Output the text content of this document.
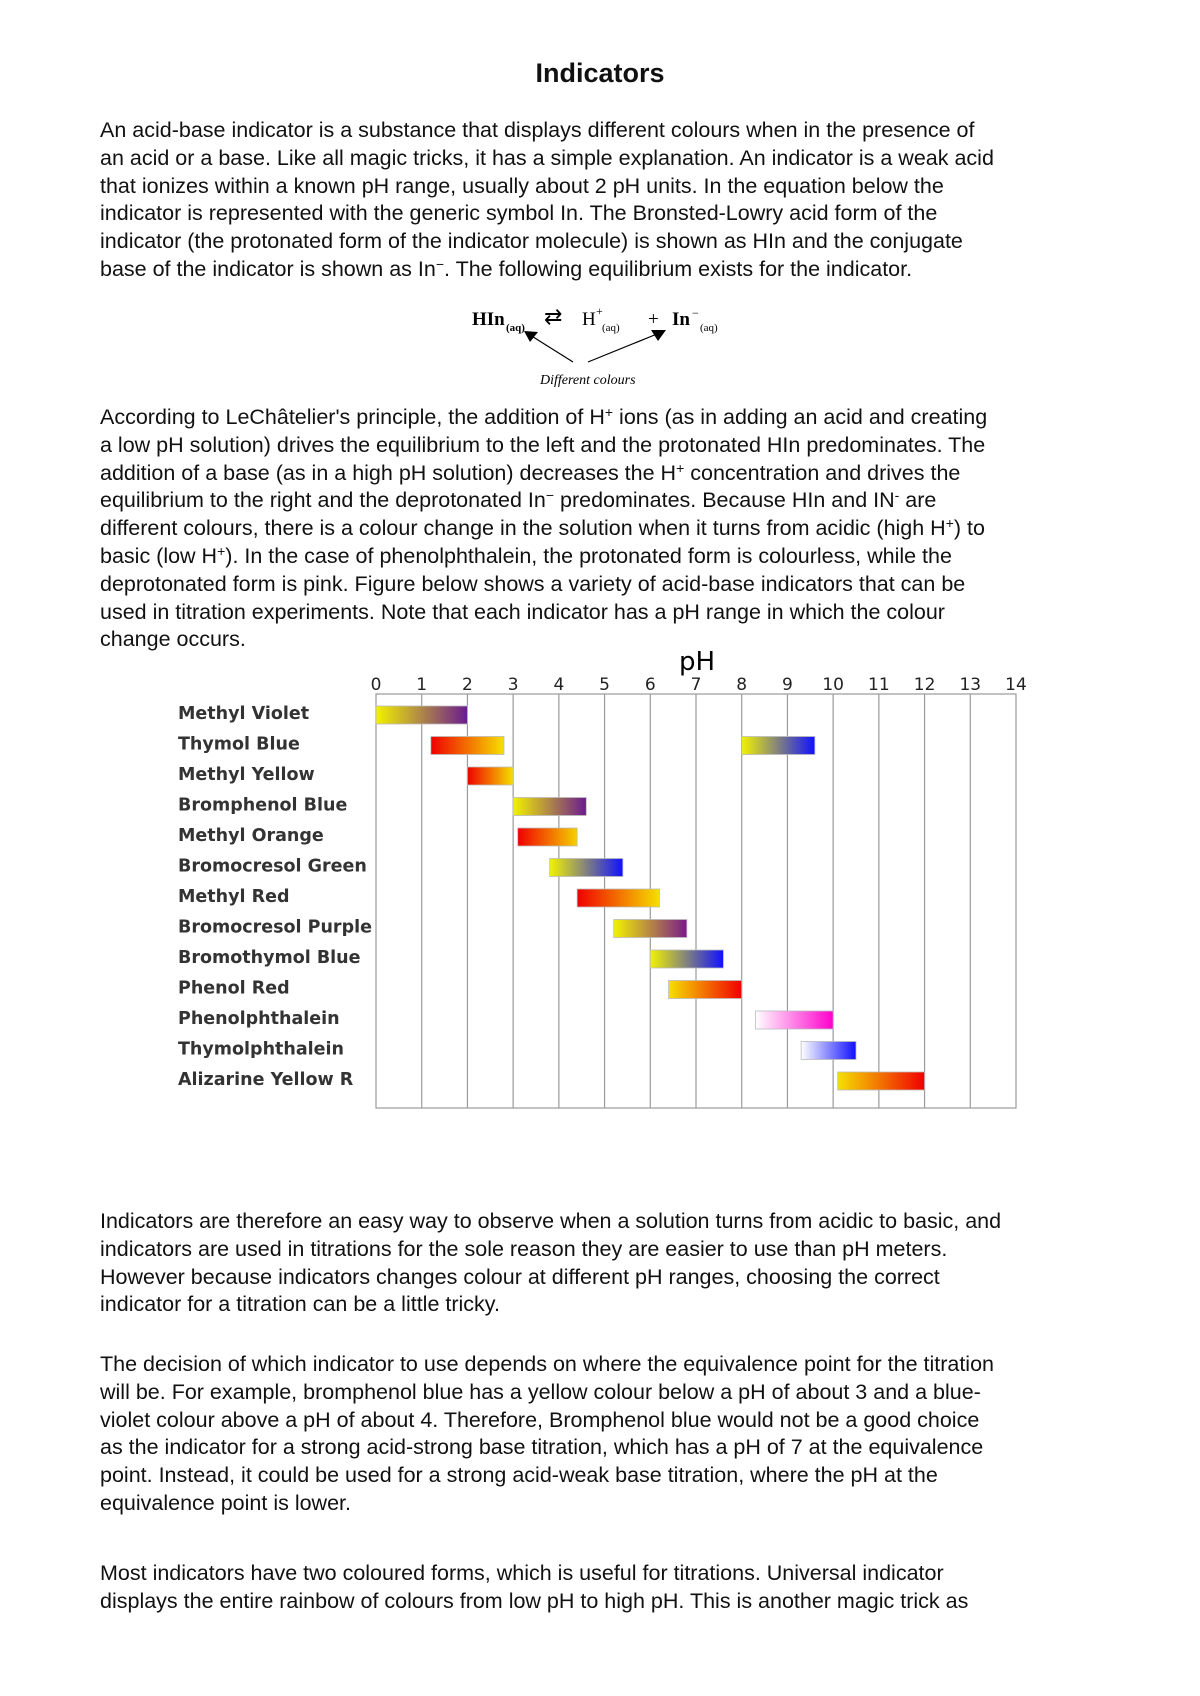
Indicators

An acid-base indicator is a substance that displays different colours when in the presence of
an acid or a base. Like all magic tricks, it has a simple explanation. An indicator is a weak acid
that ionizes within a known pH range, usually about 2 pH units. In the equation below the
indicator is represented with the generic symbol In. The Bronsted-Lowry acid form of the
indicator (the protonated form of the indicator molecule) is shown as HIn and the conjugate
base of the indicator is shown as In−. The following equilibrium exists for the indicator.

HIn (aq) ⇄ H +
(aq) + In −
(aq)
Different colours

According to LeChâtelier's principle, the addition of H+ ions (as in adding an acid and creating
a low pH solution) drives the equilibrium to the left and the protonated HIn predominates. The
addition of a base (as in a high pH solution) decreases the H+ concentration and drives the
equilibrium to the right and the deprotonated In− predominates. Because HIn and IN- are
different colours, there is a colour change in the solution when it turns from acidic (high H+) to
basic (low H+). In the case of phenolphthalein, the protonated form is colourless, while the
deprotonated form is pink. Figure below shows a variety of acid-base indicators that can be
used in titration experiments. Note that each indicator has a pH range in which the colour
change occurs.

pH
0 1 2 3 4 5 6 7 8 9 10 11 12 13 14
Methyl Violet
Thymol Blue
Methyl Yellow
Bromphenol Blue
Methyl Orange
Bromocresol Green
Methyl Red
Bromocresol Purple
Bromothymol Blue
Phenol Red
Phenolphthalein
Thymolphthalein
Alizarine Yellow R

Indicators are therefore an easy way to observe when a solution turns from acidic to basic, and
indicators are used in titrations for the sole reason they are easier to use than pH meters.
However because indicators changes colour at different pH ranges, choosing the correct
indicator for a titration can be a little tricky.

The decision of which indicator to use depends on where the equivalence point for the titration
will be. For example, bromphenol blue has a yellow colour below a pH of about 3 and a blue-
violet colour above a pH of about 4. Therefore, Bromphenol blue would not be a good choice
as the indicator for a strong acid-strong base titration, which has a pH of 7 at the equivalence
point. Instead, it could be used for a strong acid-weak base titration, where the pH at the
equivalence point is lower.

Most indicators have two coloured forms, which is useful for titrations. Universal indicator
displays the entire rainbow of colours from low pH to high pH. This is another magic trick as
